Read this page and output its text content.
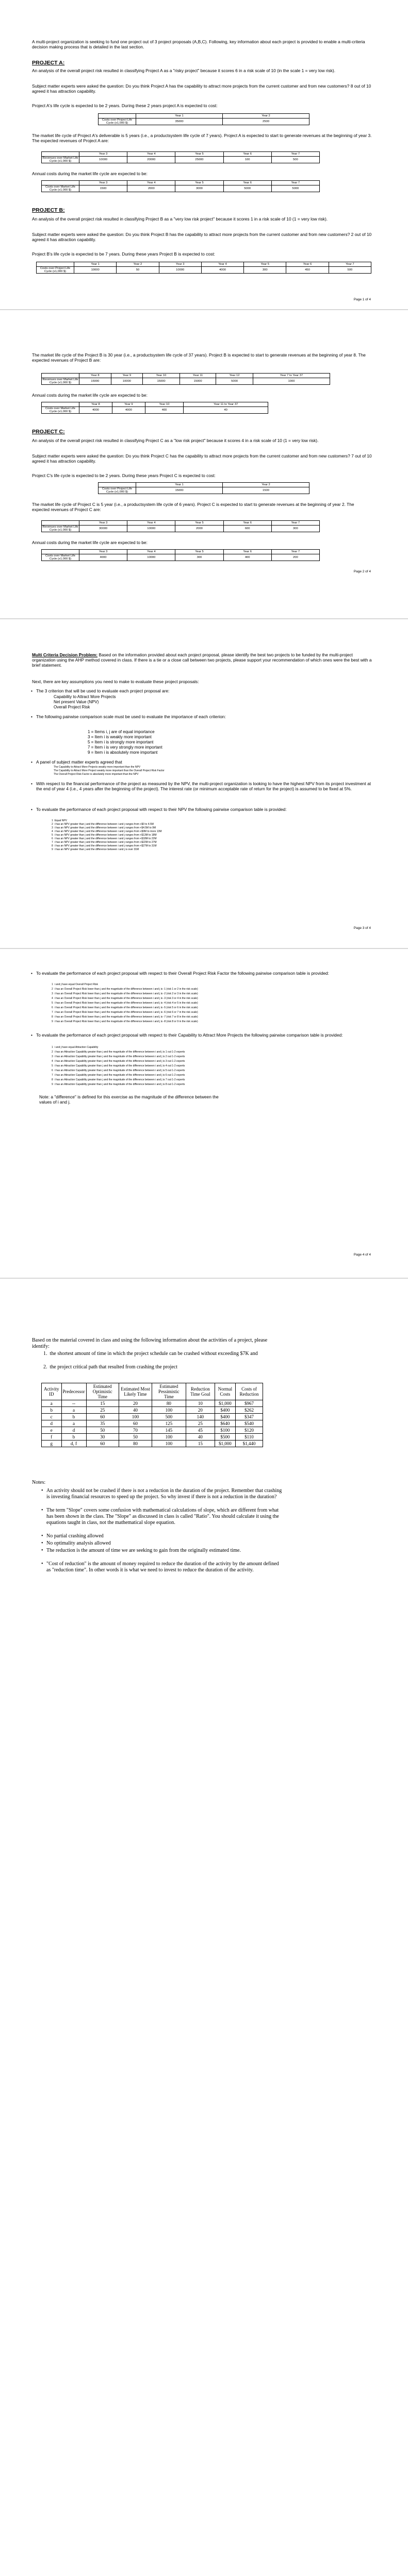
A multi-project organization is seeking to fund one project out of 3 project proposals (A,B,C). Following, key information about each project is provided to enable a multi-criteria decision making process that is detailed in the last section.
PROJECT A:
An analysis of the overall project risk resulted in classifying Project A as a "risky project" because it scores 6 in a risk scale of 10 (in the scale 1 = very low risk).
Subject matter experts were asked the question: Do you think Project A has the capability to attract more projects from the current customer and from new customers? 8 out of 10 agreed it has attraction capability.
Project A's life cycle is expected to be 2 years. During these 2 years project A is expected to cost:
	Year 1	Year 2
Costs over Project Life Cycle (x1,000 $)	35000	2500
The market life cycle of Project A's deliverable is 5 years (i.e., a productsystem life cycle of 7 years). Project A is expected to start to generate revenues at the beginning of year 3. The expected revenues of Project A are:
	Year 3	Year 4	Year 5	Year 6	Year 7
Revenues over Market Life Cycle (x1,000 $)	10000	20000	25000	100	500
Annual costs during the market life cycle are expected to be:
	Year 3	Year 4	Year 5	Year 6	Year 7
Costs over Market Life Cycle (x1,000 $)	1500	2000	3000	5000	5000
PROJECT B:
An analysis of the overall project risk resulted in classifying Project B as a "very low risk project" because it scores 1 in a risk scale of 10 (1 = very low risk).
Subject matter experts were asked the question: Do you think Project B has the capability to attract more projects from the current customer and from new customers? 2 out of 10 agreed it has attraction capability.
Project B's life cycle is expected to be 7 years. During these years Project B is expected to cost:
	Year 1	Year 2	Year 3	Year 4	Year 5	Year 6	Year 7
Costs over Project Life Cycle (x1,000 $)	10000	50	10000	4000	300	450	500
Page 1 of 4
The market life cycle of the Project B is 30 year (i.e., a productsystem life cycle of 37 years). Project B is expected to start to generate revenues at the beginning of year 8. The expected revenues of Project B are:
	Year 8	Year 9	Year 10	Year 11	Year 12	Year 7 to Year 37
Revenues over Market Life Cycle (x1,000 $)	15000	10000	15000	15000	5000	1000
Annual costs during the market life cycle are expected to be:
	Year 8	Year 9	Year 10	Year 11 to Year 37
Costs over Market Life Cycle (x1,000 $)	4000	4000	400	40
PROJECT C:
An analysis of the overall project risk resulted in classifying Project C as a "low risk project" because it scores 4 in a risk scale of 10 (1 = very low risk).
Subject matter experts were asked the question: Do you think Project C has the capability to attract more projects from the current customer and from new customers? 7 out of 10 agreed it has attraction capability.
Project C's life cycle is expected to be 2 years. During these years Project C is expected to cost:
	Year 1	Year 2
Costs over Project Life Cycle (x1,000 $)	15000	1500
The market life cycle of Project C is 5 year (i.e., a productsystem life cycle of 6 years). Project C is expected to start to generate revenues at the beginning of year 2. The expected revenues of Project C are:
	Year 3	Year 4	Year 5	Year 6	Year 7
Revenues over Market Life Cycle (x1,000 $)	30000	10000	2000	600	300
Annual costs during the market life cycle are expected to be:
	Year 3	Year 4	Year 5	Year 6	Year 7
Costs over Market Life Cycle (x1,000 $)	4000	10000	300	400	200
Page 2 of 4
Multi Criteria Decision Problem: Based on the information provided about each project proposal, please identify the best two projects to be funded by the multi-project organization using the AHP method covered in class. If there is a tie or a close call between two projects, please support your recommendation of which ones were the best with a brief statement.
Next, there are key assumptions you need to make to evaluate these project proposals:
• The 3 criterion that will be used to evaluate each project proposal are:
Capability to Attract More Projects
Net present Value (NPV)
Overall Project Risk
• The following pairwise comparison scale must be used to evaluate the importance of each criterion:
1 = Items i, j are of equal importance
3 = Item i is weakly more important
5 = Item i is strongly more important
7 = Item i is very strongly more important
9 = Item i is absolutely more important
• A panel of subject matter experts agreed that
The Capability to Attract More Projects weakly more important than the NPV
The Capability to Attract More Project weakly more important than the Overall Project Risk Factor
The Overall Project Risk Factor is absolutely more important than the NPV
• With respect to the financial performance of the project as measured by the NPV, the multi-project organization is looking to have the highest NPV from its project investment at the end of year 4 (i.e., 4 years after the beginning of the project). The interest rate (or minimum acceptable rate of return for the project) is assumed to be fixed at 5%.
• To evaluate the performance of each project proposal with respect to their NPV the following pairwise comparison table is provided:
1  Equal NPV
2  i has an NPV greater than j and the difference between i and j ranges from +$0 to 4.5M
3  i has an NPV greater than j and the difference between i and j ranges from +$4.5M to 9M
4  i has an NPV greater than j and the difference between i and j ranges from +$9M to more 13M
5  i has an NPV greater than j and the difference between i and j ranges from +$13M to 18M
6  i has an NPV greater than j and the difference between i and j ranges from +$18M to 22M
7  i has an NPV greater than j and the difference between i and j ranges from +$22M to 27M
8  i has an NPV greater than j and the difference between i and j ranges from +$27M to 31M
9  i has an NPV greater than j and the difference between i and j is over 31M
Page 3 of 4
• To evaluate the performance of each project proposal with respect to their Overall Project Risk Factor the following pairwise comparison table is provided:
1  i and j have equal Overall Project Risk
2  i has an Overall Project Risk lower than j and the magnitude of the difference between i and j is -1 (risk 1 or 2 in the risk scale)
3  i has an Overall Project Risk lower than j and the magnitude of the difference between i and j is -2 (risk 2 or 3 in the risk scale)
4  i has an Overall Project Risk lower than j and the magnitude of the difference between i and j is -3 (risk 3 or 4 in the risk scale)
5  i has an Overall Project Risk lower than j and the magnitude of the difference between i and j is -4 (risk 4 or 5 in the risk scale)
6  i has an Overall Project Risk lower than j and the magnitude of the difference between i and j is -5 (risk 5 or 6 in the risk scale)
7  i has an Overall Project Risk lower than j and the magnitude of the difference between i and j is -6 (risk 6 or 7 in the risk scale)
8  i has an Overall Project Risk lower than j and the magnitude of the difference between i and j is -7 (risk 7 or 8 in the risk scale)
9  i has an Overall Project Risk lower than j and the magnitude of the difference between i and j is -8 (risk 8 or 9 in the risk scale)
• To evaluate the performance of each project proposal with respect to their Capability to Attract More Projects the following pairwise comparison table is provided:
1  i and j have equal Attraction Capability
2  i has an Attraction Capability greater than j and the magnitude of the difference between i and j is 1 out 1-2 experts
3  i has an Attraction Capability greater than j and the magnitude of the difference between i and j is 2 out 1-2 experts
4  i has an Attraction Capability greater than j and the magnitude of the difference between i and j is 3 out 1-2 experts
5  i has an Attraction Capability greater than j and the magnitude of the difference between i and j is 4 out 1-2 experts
6  i has an Attraction Capability greater than j and the magnitude of the difference between i and j is 5 out 1-2 experts
7  i has an Attraction Capability greater than j and the magnitude of the difference between i and j is 6 out 1-2 experts
8  i has an Attraction Capability greater than j and the magnitude of the difference between i and j is 7 out 1-2 experts
9  i has an Attraction Capability greater than j and the magnitude of the difference between i and j is 8 out 1-2 experts
Note: a "difference" is defined for this exercise as the magnitude of the difference between the values of i and j.
Page 4 of 4
Based on the material covered in class and using the following information about the activities of a project, please identify:
1.  the shortest amount of time in which the project schedule can be crashed without exceeding $7K and
2.  the project critical path that resulted from crashing the project
Activity ID	Predecessor	Estimated Optimistic Time	Estimated Most Likely Time	Estimated Pessimistic Time	Reduction Time Goal	Normal Costs	Costs of Reduction
a	--	15	20	80	10	$1,000	$967
b	a	25	40	100	20	$400	$262
c	b	60	100	500	140	$400	$347
d	a	35	60	125	25	$640	$540
e	d	50	70	145	45	$100	$120
f	b	30	50	100	40	$500	$110
g	d, f	60	80	100	15	$1,000	$1,440
Notes:
• An activity should not be crashed if there is not a reduction in the duration of the project. Remember that crashing is investing financial resources to speed up the project. So why invest if there is not a reduction in the duration?
• The term "Slope" covers some confusion with mathematical calculations of slope, which are different from what has been shown in the class. The "Slope" as discussed in class is called "Ratio". You should calculate it using the equations taught in class, not the mathematical slope equation.
• No partial crashing allowed
• No optimality analysis allowed
• The reduction is the amount of time we are seeking to gain from the originally estimated time.
• "Cost of reduction" is the amount of money required to reduce the duration of the activity by the amount defined as "reduction time". In other words it is what we need to invest to reduce the duration of the activity.
